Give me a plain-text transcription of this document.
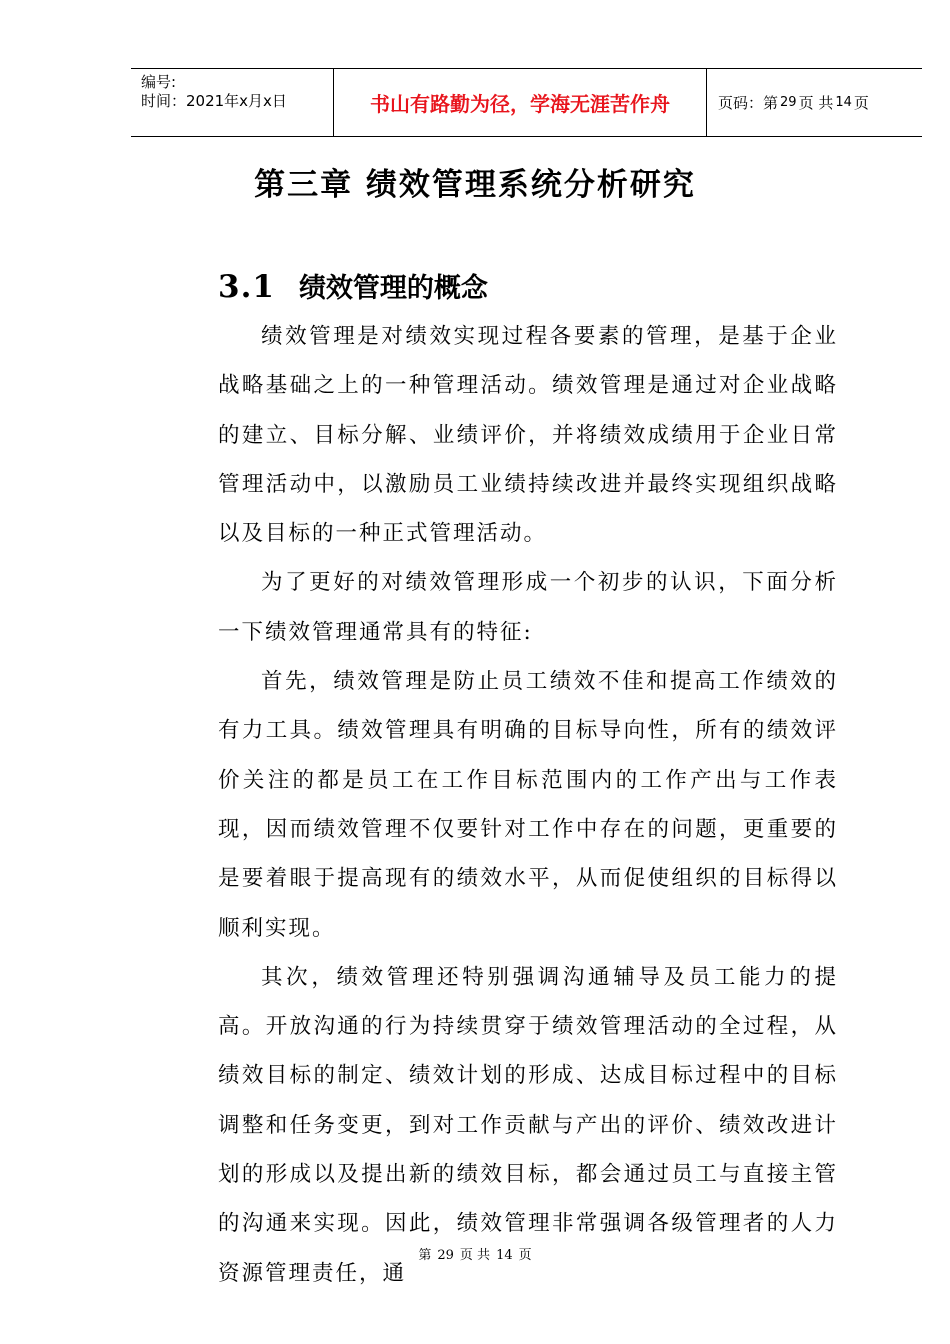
编号:
时间：2021年x月x日	书山有路勤为径，学海无涯苦作舟	页码：第 29 页 共 14 页
第三章 绩效管理系统分析研究
3.1 绩效管理的概念

绩效管理是对绩效实现过程各要素的管理，是基于企业战略基础之上的一种管理活动。绩效管理是通过对企业战略的建立、目标分解、业绩评价，并将绩效成绩用于企业日常管理活动中，以激励员工业绩持续改进并最终实现组织战略以及目标的一种正式管理活动。

为了更好的对绩效管理形成一个初步的认识，下面分析一下绩效管理通常具有的特征:

首先，绩效管理是防止员工绩效不佳和提高工作绩效的有力工具。绩效管理具有明确的目标导向性，所有的绩效评价关注的都是员工在工作目标范围内的工作产出与工作表现，因而绩效管理不仅要针对工作中存在的问题，更重要的是要着眼于提高现有的绩效水平，从而促使组织的目标得以顺利实现。

其次，绩效管理还特别强调沟通辅导及员工能力的提高。开放沟通的行为持续贯穿于绩效管理活动的全过程，从绩效目标的制定、绩效计划的形成、达成目标过程中的目标调整和任务变更，到对工作贡献与产出的评价、绩效改进计划的形成以及提出新的绩效目标，都会通过员工与直接主管的沟通来实现。因此，绩效管理非常强调各级管理者的人力资源管理责任，通

第 29 页 共 14 页
